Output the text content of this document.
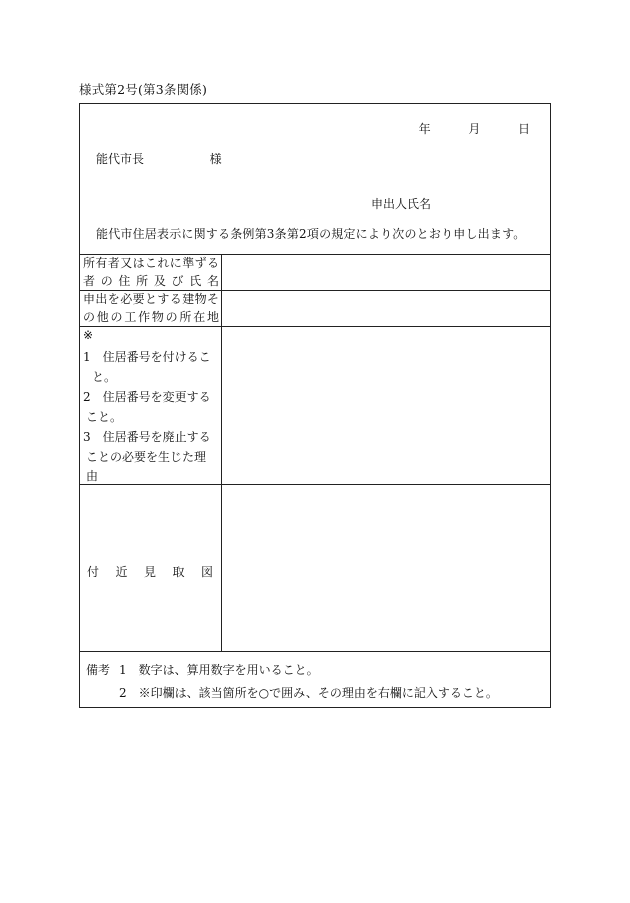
様式第2号(第3条関係)
年	月	日
能代市長	様
申出人氏名
能代市住居表示に関する条例第3条第2項の規定により次のとおり申し出ます。
所有者又はこれに準ずる
者の住所及び氏名
申出を必要とする建物そ
の他の工作物の所在地
※
1　住居番号を付けるこ
と。
2　住居番号を変更する
こと。
3　住居番号を廃止する
ことの必要を生じた理
由
付 近 見 取 図
備考 1　数字は、算用数字を用いること。
2　※印欄は、該当箇所を○で囲み、その理由を右欄に記入すること。
